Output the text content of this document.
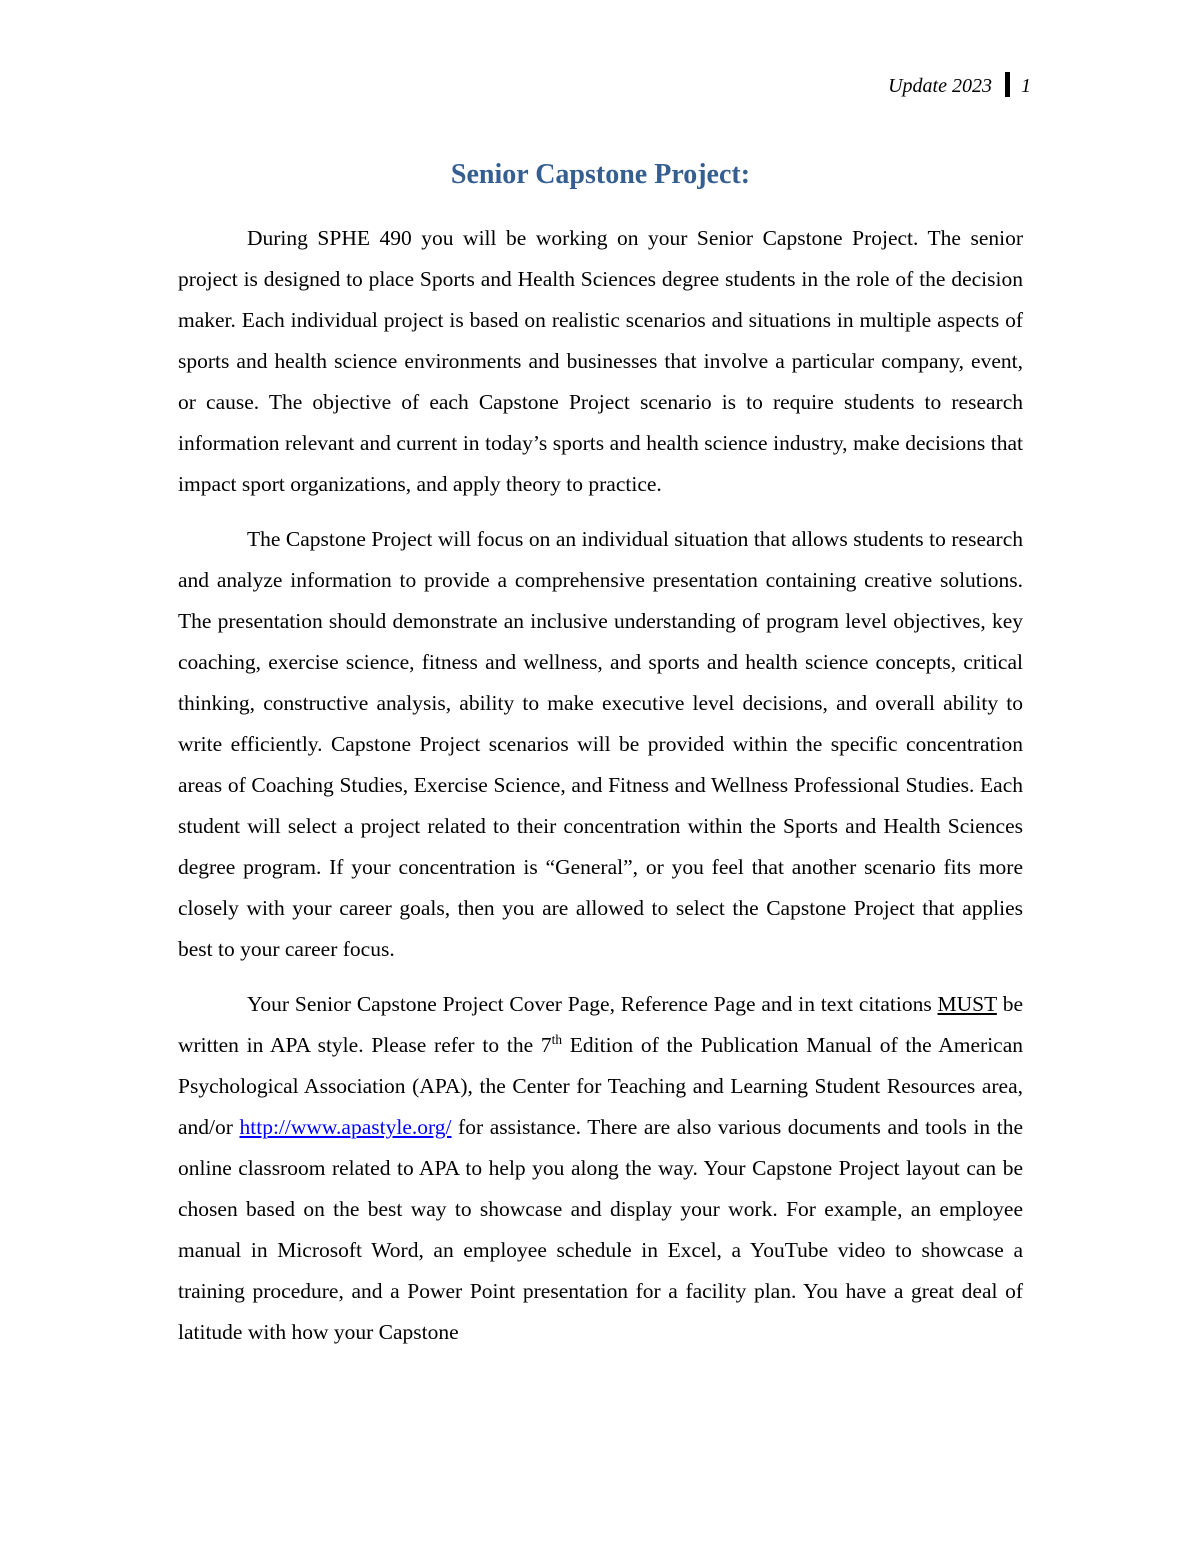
Update 2023 1
Senior Capstone Project:

During SPHE 490 you will be working on your Senior Capstone Project. The senior project is designed to place Sports and Health Sciences degree students in the role of the decision maker. Each individual project is based on realistic scenarios and situations in multiple aspects of sports and health science environments and businesses that involve a particular company, event, or cause. The objective of each Capstone Project scenario is to require students to research information relevant and current in today’s sports and health science industry, make decisions that impact sport organizations, and apply theory to practice.

The Capstone Project will focus on an individual situation that allows students to research and analyze information to provide a comprehensive presentation containing creative solutions. The presentation should demonstrate an inclusive understanding of program level objectives, key coaching, exercise science, fitness and wellness, and sports and health science concepts, critical thinking, constructive analysis, ability to make executive level decisions, and overall ability to write efficiently. Capstone Project scenarios will be provided within the specific concentration areas of Coaching Studies, Exercise Science, and Fitness and Wellness Professional Studies. Each student will select a project related to their concentration within the Sports and Health Sciences degree program. If your concentration is “General”, or you feel that another scenario fits more closely with your career goals, then you are allowed to select the Capstone Project that applies best to your career focus.

Your Senior Capstone Project Cover Page, Reference Page and in text citations MUST be written in APA style. Please refer to the 7th Edition of the Publication Manual of the American Psychological Association (APA), the Center for Teaching and Learning Student Resources area, and/or http://www.apastyle.org/ for assistance. There are also various documents and tools in the online classroom related to APA to help you along the way. Your Capstone Project layout can be chosen based on the best way to showcase and display your work. For example, an employee manual in Microsoft Word, an employee schedule in Excel, a YouTube video to showcase a training procedure, and a Power Point presentation for a facility plan. You have a great deal of latitude with how your Capstone
